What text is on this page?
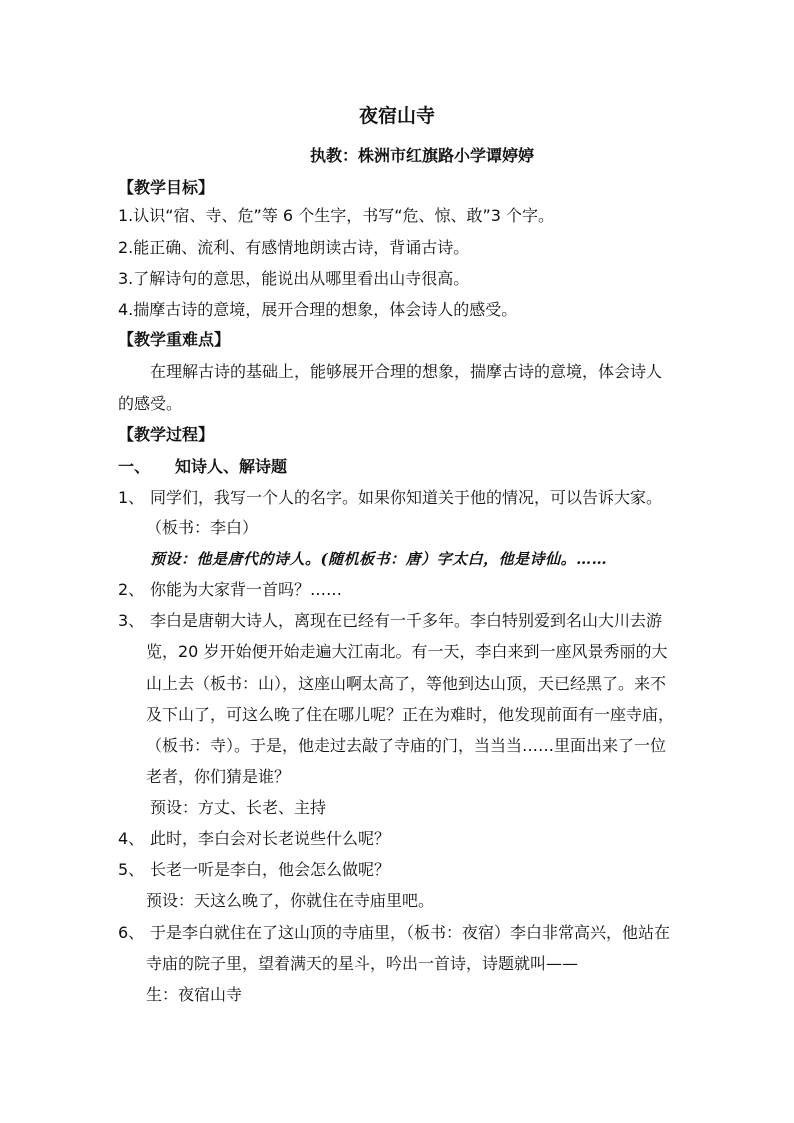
夜宿山寺
执教：株洲市红旗路小学谭婷婷
【教学目标】
1.认识“宿、寺、危”等 6 个生字，书写“危、惊、敢”3 个字。
2.能正确、流利、有感情地朗读古诗，背诵古诗。
3.了解诗句的意思，能说出从哪里看出山寺很高。
4.揣摩古诗的意境，展开合理的想象，体会诗人的感受。
【教学重难点】
在理解古诗的基础上，能够展开合理的想象，揣摩古诗的意境，体会诗人
的感受。
【教学过程】
一、 知诗人、解诗题
1、 同学们，我写一个人的名字。如果你知道关于他的情况，可以告诉大家。
（板书：李白）
预设：他是唐代的诗人。(随机板书：唐）字太白，他是诗仙。……
2、 你能为大家背一首吗？……
3、 李白是唐朝大诗人，离现在已经有一千多年。李白特别爱到名山大川去游
览，20 岁开始便开始走遍大江南北。有一天，李白来到一座风景秀丽的大
山上去（板书：山），这座山啊太高了，等他到达山顶，天已经黑了。来不
及下山了，可这么晚了住在哪儿呢？正在为难时，他发现前面有一座寺庙，
（板书：寺）。于是，他走过去敲了寺庙的门，当当当……里面出来了一位
老者，你们猜是谁？
预设：方丈、长老、主持
4、 此时，李白会对长老说些什么呢？
5、 长老一听是李白，他会怎么做呢？
预设：天这么晚了，你就住在寺庙里吧。
6、 于是李白就住在了这山顶的寺庙里，（板书：夜宿）李白非常高兴，他站在
寺庙的院子里，望着满天的星斗，吟出一首诗，诗题就叫——
生：夜宿山寺
